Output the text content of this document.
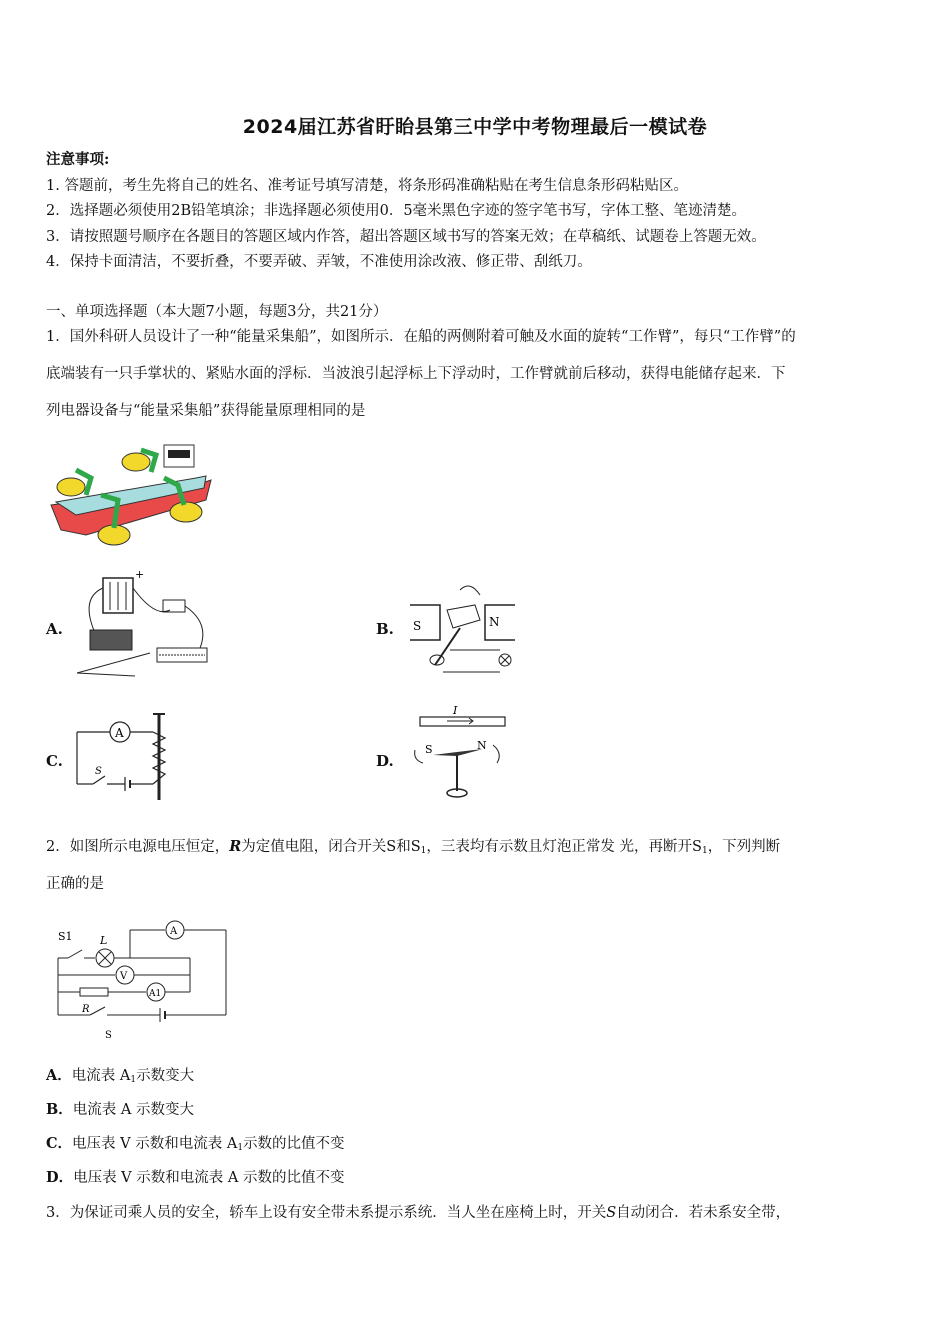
2024届江苏省盱眙县第三中学中考物理最后一模试卷
注意事项:
1. 答题前，考生先将自己的姓名、准考证号填写清楚，将条形码准确粘贴在考生信息条形码粘贴区。
2．选择题必须使用2B铅笔填涂；非选择题必须使用0．5毫米黑色字迹的签字笔书写，字体工整、笔迹清楚。
3．请按照题号顺序在各题目的答题区域内作答，超出答题区域书写的答案无效；在草稿纸、试题卷上答题无效。
4．保持卡面清洁，不要折叠，不要弄破、弄皱，不准使用涂改液、修正带、刮纸刀。
一、单项选择题（本大题7小题，每题3分，共21分）
1．国外科研人员设计了一种“能量采集船”，如图所示．在船的两侧附着可触及水面的旋转“工作臂”，每只“工作臂”的
底端装有一只手掌状的、紧贴水面的浮标．当波浪引起浮标上下浮动时，工作臂就前后移动，获得电能储存起来．下
列电器设备与“能量采集船”获得能量原理相同的是
A.
+
B. S	N
C.
A
S
D.
I
S	N
2．如图所示电源电压恒定，R为定值电阻，闭合开关S和S1，三表均有示数且灯泡正常发 光，再断开S1，下列判断
正确的是
S1 L
A
V
R
A1
S
A．电流表 A1示数变大
B．电流表 A 示数变大
C．电压表 V 示数和电流表 A1示数的比值不变
D．电压表 V 示数和电流表 A 示数的比值不变
3．为保证司乘人员的安全，轿车上设有安全带未系提示系统．当人坐在座椅上时，开关S自动闭合．若未系安全带，
